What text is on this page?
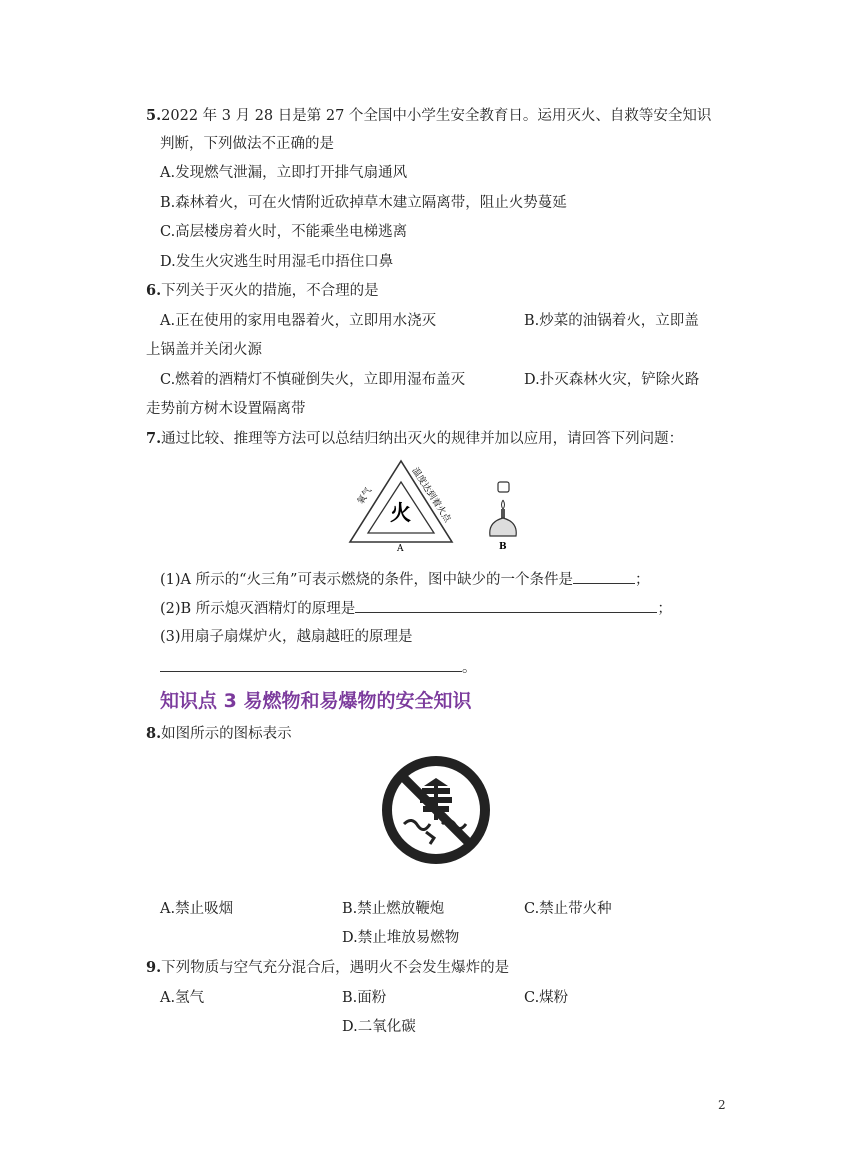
5.2022 年 3 月 28 日是第 27 个全国中小学生安全教育日。运用灭火、自救等安全知识
判断，下列做法不正确的是
A.发现燃气泄漏，立即打开排气扇通风
B.森林着火，可在火情附近砍掉草木建立隔离带，阻止火势蔓延
C.高层楼房着火时，不能乘坐电梯逃离
D.发生火灾逃生时用湿毛巾捂住口鼻
6.下列关于灭火的措施，不合理的是
A.正在使用的家用电器着火，立即用水浇灭	B.炒菜的油锅着火，立即盖
上锅盖并关闭火源
C.燃着的酒精灯不慎碰倒失火，立即用湿布盖灭	D.扑灭森林火灾，铲除火路
走势前方树木设置隔离带
7.通过比较、推理等方法可以总结归纳出灭火的规律并加以应用，请回答下列问题：
氧气	温度达到着火点
火
A	B
(1)A 所示的“火三角”可表示燃烧的条件，图中缺少的一个条件是	；
(2)B 所示熄灭酒精灯的原理是	；
(3)用扇子扇煤炉火，越扇越旺的原理是
。
知识点 3 易燃物和易爆物的安全知识
8.如图所示的图标表示
A.禁止吸烟	B.禁止燃放鞭炮	C.禁止带火种
D.禁止堆放易燃物
9.下列物质与空气充分混合后，遇明火不会发生爆炸的是
A.氢气	B.面粉	C.煤粉
D.二氧化碳
2
